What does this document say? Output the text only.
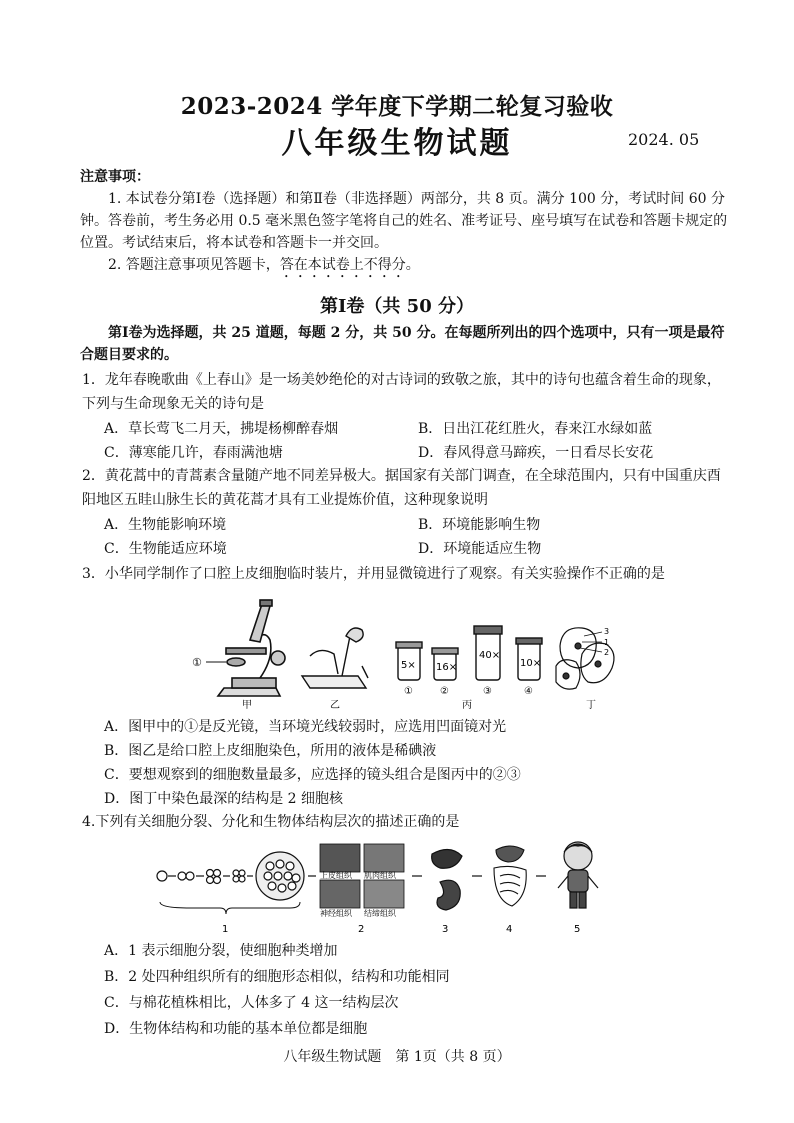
2023-2024 学年度下学期二轮复习验收
八年级生物试题	2024. 05
注意事项：
1. 本试卷分第Ⅰ卷（选择题）和第Ⅱ卷（非选择题）两部分，共 8 页。满分 100 分，考试时间 60 分钟。答卷前，考生务必用 0.5 毫米黑色签字笔将自己的姓名、准考证号、座号填写在试卷和答题卡规定的位置。考试结束后，将本试卷和答题卡一并交回。
2. 答题注意事项见答题卡，答在本试卷上不得分。
第Ⅰ卷（共 50 分）
第Ⅰ卷为选择题，共 25 道题，每题 2 分，共 50 分。在每题所列出的四个选项中，只有一项是最符合题目要求的。
1．龙年春晚歌曲《上春山》是一场美妙绝伦的对古诗词的致敬之旅，其中的诗句也蕴含着生命的现象，下列与生命现象无关的诗句是
A．草长莺飞二月天，拂堤杨柳醉春烟	B．日出江花红胜火，春来江水绿如蓝
C．薄寒能几许，春雨满池塘	D．春风得意马蹄疾，一日看尽长安花
2．黄花蒿中的青蒿素含量随产地不同差异极大。据国家有关部门调查，在全球范围内，只有中国重庆酉阳地区五眭山脉生长的黄花蒿才具有工业提炼价值，这种现象说明
A．生物能影响环境	B．环境能影响生物
C．生物能适应环境	D．环境能适应生物
3．小华同学制作了口腔上皮细胞临时装片，并用显微镜进行了观察。有关实验操作不正确的是
①
甲	乙
5× 16×
40×
10×
①	②	③	④
丙
3
1
2
丁
A．图甲中的①是反光镜，当环境光线较弱时，应选用凹面镜对光
B．图乙是给口腔上皮细胞染色，所用的液体是稀碘液
C．要想观察到的细胞数量最多，应选择的镜头组合是图丙中的②③
D．图丁中染色最深的结构是 2 细胞核
4.下列有关细胞分裂、分化和生物体结构层次的描述正确的是
1
上皮组织 肌肉组织
神经组织 结缔组织
2	3	4	5
A．1 表示细胞分裂，使细胞种类增加
B．2 处四种组织所有的细胞形态相似，结构和功能相同
C．与棉花植株相比，人体多了 4 这一结构层次
D．生物体结构和功能的基本单位都是细胞
八年级生物试题　第 1页（共 8 页）
